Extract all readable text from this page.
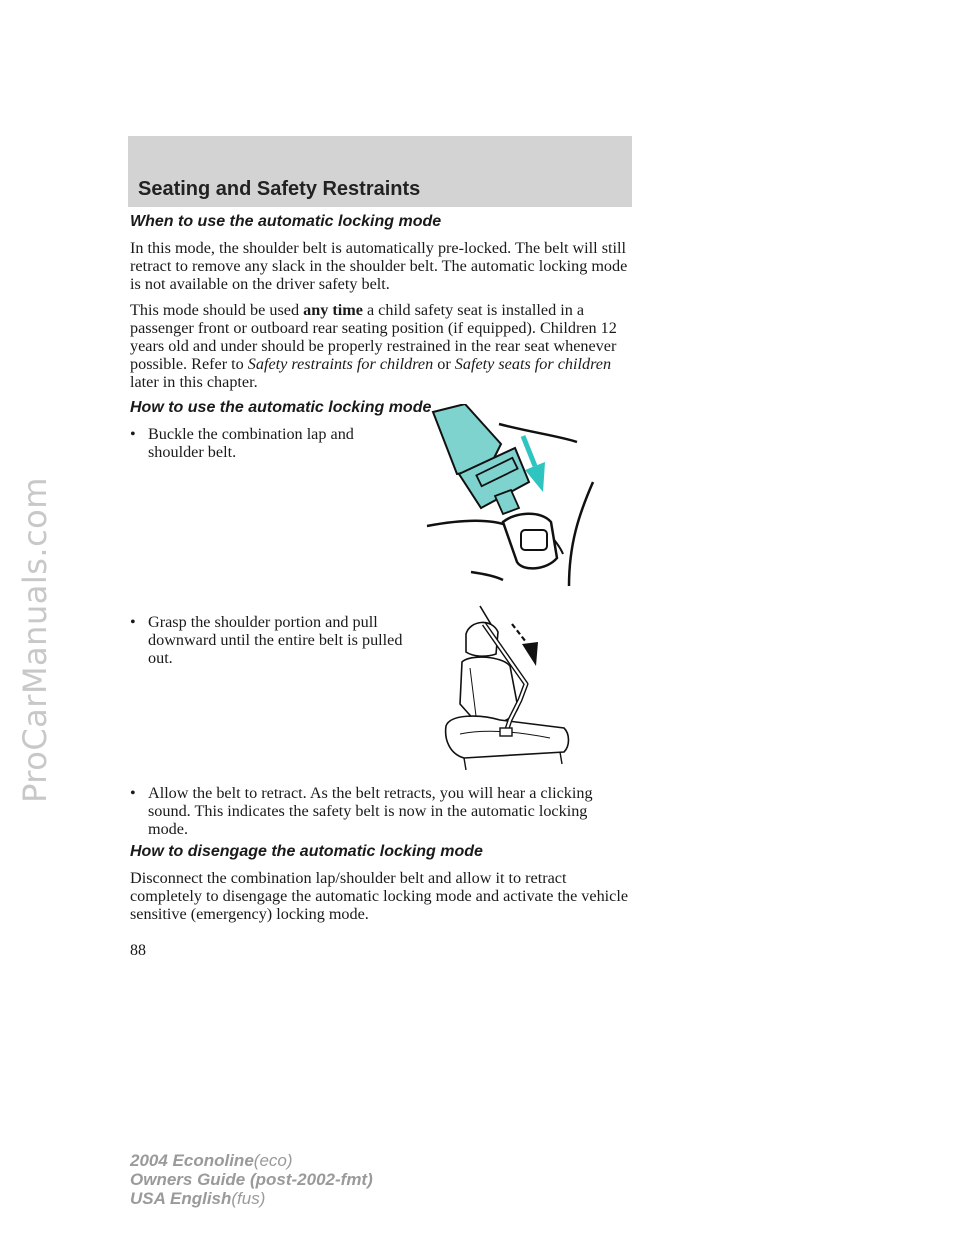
ProCarManuals.com
Seating and Safety Restraints
When to use the automatic locking mode

In this mode, the shoulder belt is automatically pre-locked. The belt will still retract to remove any slack in the shoulder belt. The automatic locking mode is not available on the driver safety belt.

This mode should be used any time a child safety seat is installed in a passenger front or outboard rear seating position (if equipped). Children 12 years old and under should be properly restrained in the rear seat whenever possible. Refer to Safety restraints for children or Safety seats for children later in this chapter.

How to use the automatic locking mode
• Buckle the combination lap and shoulder belt.
• Grasp the shoulder portion and pull downward until the entire belt is pulled out.
• Allow the belt to retract. As the belt retracts, you will hear a clicking sound. This indicates the safety belt is now in the automatic locking mode.
How to disengage the automatic locking mode

Disconnect the combination lap/shoulder belt and allow it to retract completely to disengage the automatic locking mode and activate the vehicle sensitive (emergency) locking mode.

88
2004 Econoline(eco)
Owners Guide (post-2002-fmt)
USA English(fus)
